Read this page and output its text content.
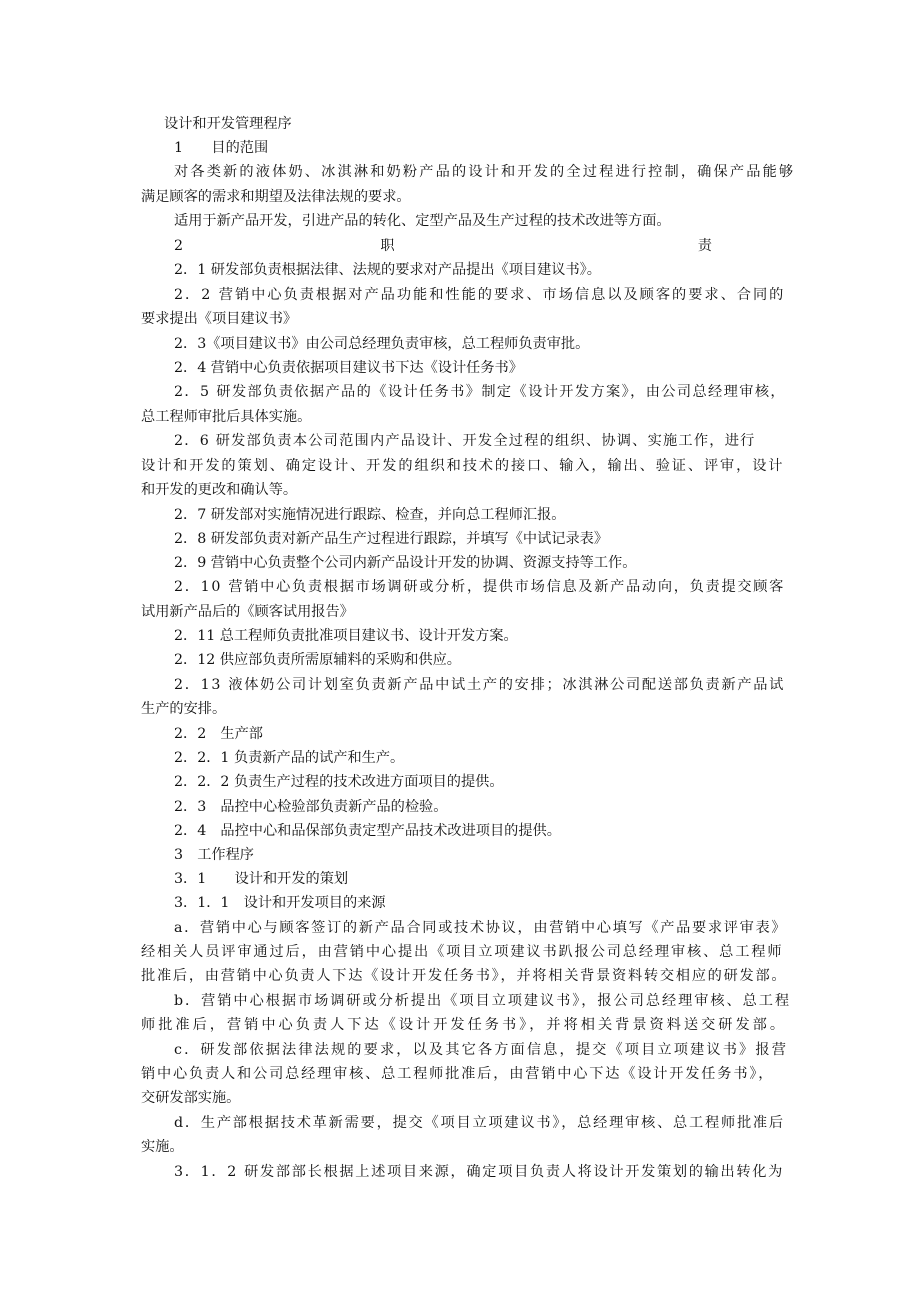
设计和开发管理程序
1　　目的范围
对各类新的液体奶、冰淇淋和奶粉产品的设计和开发的全过程进行控制，确保产品能够
满足顾客的需求和期望及法律法规的要求。
适用于新产品开发，引进产品的转化、定型产品及生产过程的技术改进等方面。
2　职　　责
2．1 研发部负责根据法律、法规的要求对产品提出《项目建议书》。
2．2 营销中心负责根据对产品功能和性能的要求、市场信息以及顾客的要求、合同的
要求提出《项目建议书》
2．3《项目建议书》由公司总经理负责审核，总工程师负责审批。
2．4 营销中心负责依据项目建议书下达《设计任务书》
2．5 研发部负责依据产品的《设计任务书》制定《设计开发方案》，由公司总经理审核，
总工程师审批后具体实施。
2．6 研发部负责本公司范围内产品设计、开发全过程的组织、协调、实施工作，进行
设计和开发的策划、确定设计、开发的组织和技术的接口、输入，输出、验证、评审，设计
和开发的更改和确认等。
2．7 研发部对实施情况进行跟踪、检查，并向总工程师汇报。
2．8 研发部负责对新产品生产过程进行跟踪，并填写《中试记录表》
2．9 营销中心负责整个公司内新产品设计开发的协调、资源支持等工作。
2．10 营销中心负责根据市场调研或分析，提供市场信息及新产品动向，负责提交顾客
试用新产品后的《顾客试用报告》
2．11 总工程师负责批准项目建议书、设计开发方案。
2．12 供应部负责所需原辅料的采购和供应。
2．13 液体奶公司计划室负责新产品中试土产的安排；冰淇淋公司配送部负责新产品试
生产的安排。
2．2　生产部
2．2．1 负责新产品的试产和生产。
2．2．2 负责生产过程的技术改进方面项目的提供。
2．3　品控中心检验部负责新产品的检验。
2．4　品控中心和品保部负责定型产品技术改进项目的提供。
3　工作程序
3．1　　设计和开发的策划
3．1．1　设计和开发项目的来源
a．营销中心与顾客签订的新产品合同或技术协议，由营销中心填写《产品要求评审表》
经相关人员评审通过后，由营销中心提出《项目立项建议书趴报公司总经理审核、总工程师
批准后，由营销中心负责人下达《设计开发任务书》，并将相关背景资料转交相应的研发部。
b．营销中心根据市场调研或分析提出《项目立项建议书》，报公司总经理审核、总工程
师批准后，营销中心负责人下达《设计开发任务书》，并将相关背景资料送交研发部。
c．研发部依据法律法规的要求，以及其它各方面信息，提交《项目立项建议书》报营
销中心负责人和公司总经理审核、总工程师批准后，由营销中心下达《设计开发任务书》，
交研发部实施。
d．生产部根据技术革新需要，提交《项目立项建议书》，总经理审核、总工程师批准后
实施。
3．1．2 研发部部长根据上述项目来源，确定项目负责人将设计开发策划的输出转化为
